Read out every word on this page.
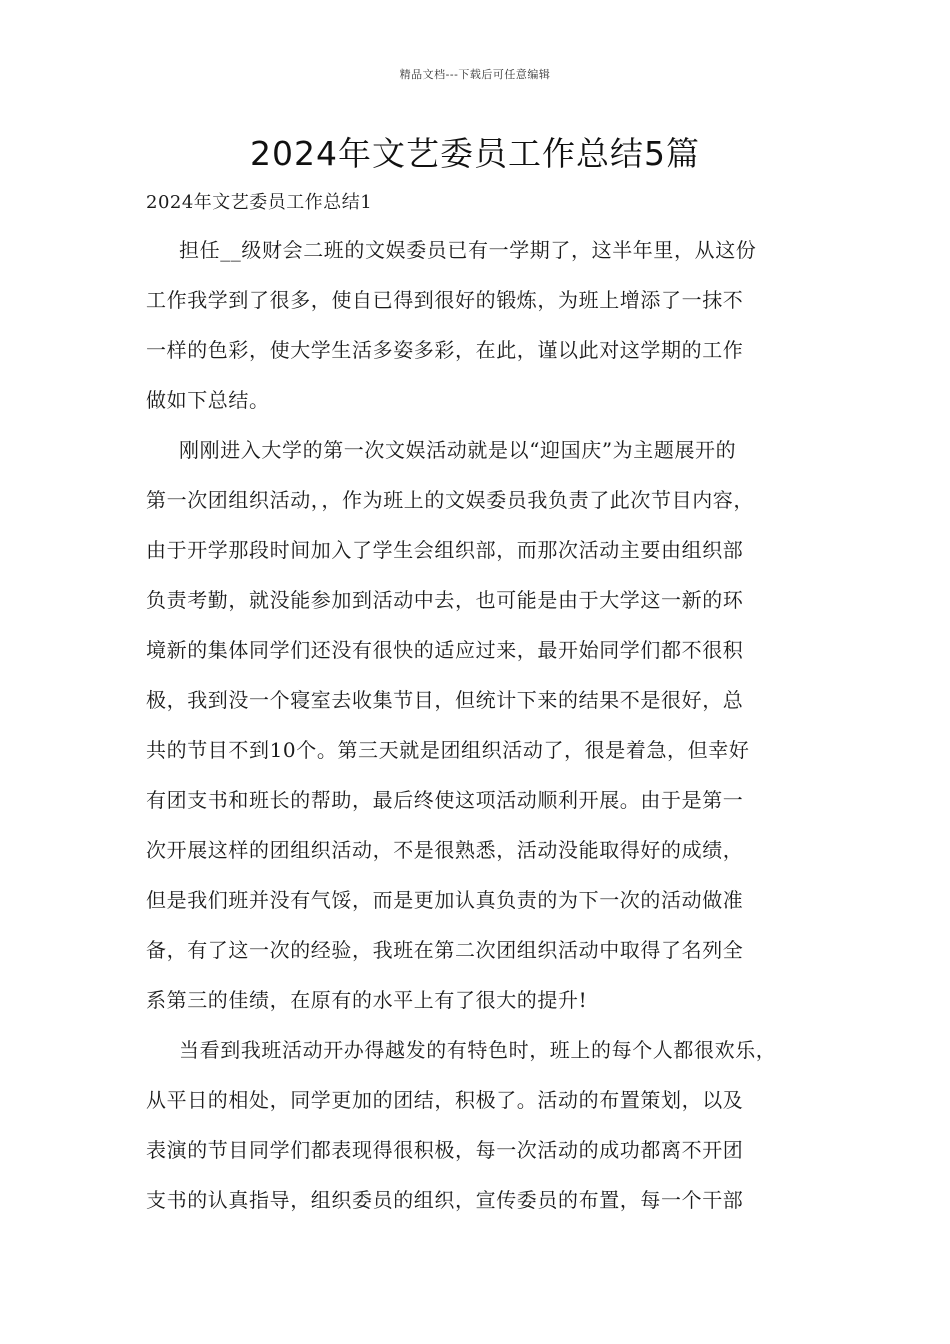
精品文档---下载后可任意编辑
2024年文艺委员工作总结5篇
2024年文艺委员工作总结1
担任__级财会二班的文娱委员已有一学期了，这半年里，从这份
工作我学到了很多，使自已得到很好的锻炼，为班上增添了一抹不
一样的色彩，使大学生活多姿多彩，在此，谨以此对这学期的工作
做如下总结。
刚刚进入大学的第一次文娱活动就是以“迎国庆”为主题展开的
第一次团组织活动，，作为班上的文娱委员我负责了此次节目内容，
由于开学那段时间加入了学生会组织部，而那次活动主要由组织部
负责考勤，就没能参加到活动中去，也可能是由于大学这一新的环
境新的集体同学们还没有很快的适应过来，最开始同学们都不很积
极，我到没一个寝室去收集节目，但统计下来的结果不是很好，总
共的节目不到10个。第三天就是团组织活动了，很是着急，但幸好
有团支书和班长的帮助，最后终使这项活动顺利开展。由于是第一
次开展这样的团组织活动，不是很熟悉，活动没能取得好的成绩，
但是我们班并没有气馁，而是更加认真负责的为下一次的活动做准
备，有了这一次的经验，我班在第二次团组织活动中取得了名列全
系第三的佳绩，在原有的水平上有了很大的提升!
当看到我班活动开办得越发的有特色时，班上的每个人都很欢乐，
从平日的相处，同学更加的团结，积极了。活动的布置策划，以及
表演的节目同学们都表现得很积极，每一次活动的成功都离不开团
支书的认真指导，组织委员的组织，宣传委员的布置，每一个干部
